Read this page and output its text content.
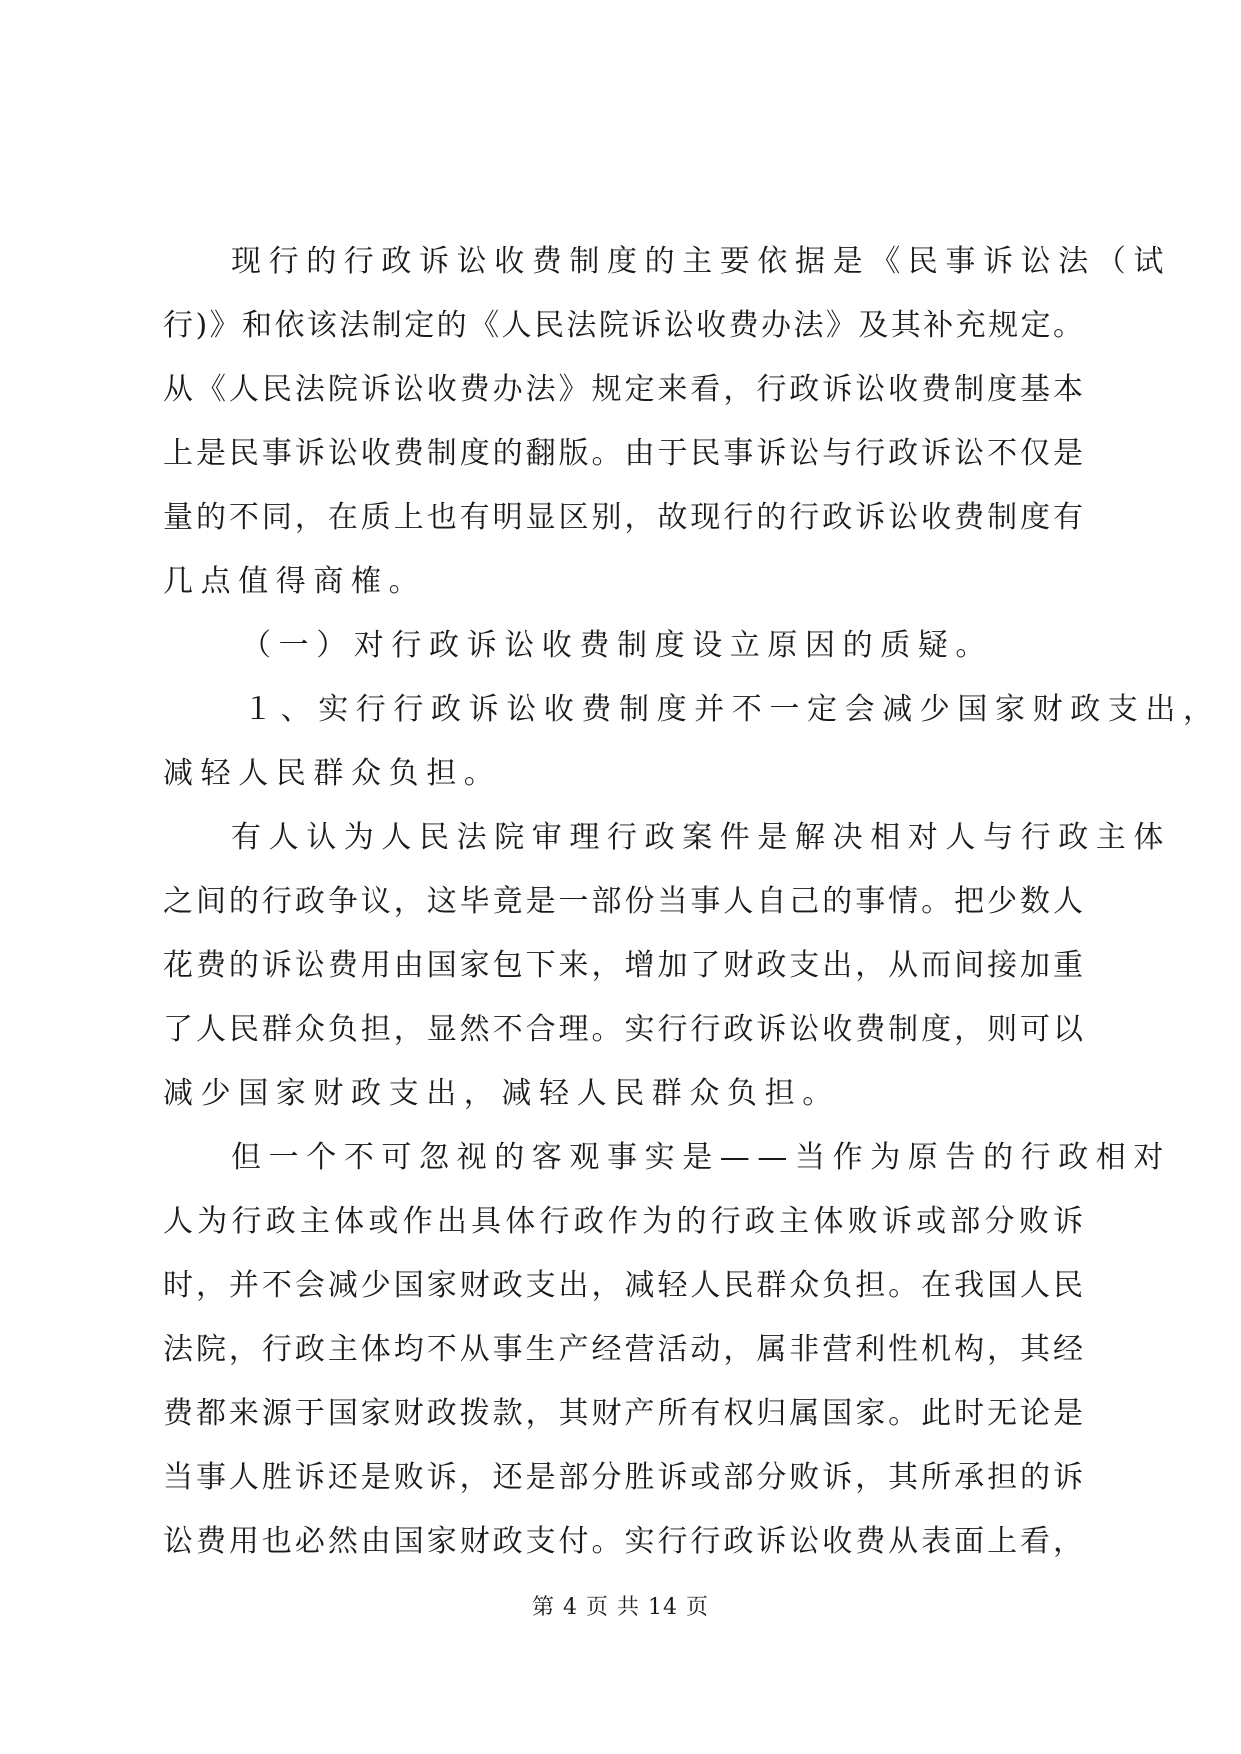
现行的行政诉讼收费制度的主要依据是《民事诉讼法（试
行)》和依该法制定的《人民法院诉讼收费办法》及其补充规定。
从《人民法院诉讼收费办法》规定来看，行政诉讼收费制度基本
上是民事诉讼收费制度的翻版。由于民事诉讼与行政诉讼不仅是
量的不同，在质上也有明显区别，故现行的行政诉讼收费制度有
几点值得商榷。
（一）对行政诉讼收费制度设立原因的质疑。
１、实行行政诉讼收费制度并不一定会减少国家财政支出，
减轻人民群众负担。
有人认为人民法院审理行政案件是解决相对人与行政主体
之间的行政争议，这毕竟是一部份当事人自己的事情。把少数人
花费的诉讼费用由国家包下来，增加了财政支出，从而间接加重
了人民群众负担，显然不合理。实行行政诉讼收费制度，则可以
减少国家财政支出，减轻人民群众负担。
但一个不可忽视的客观事实是——当作为原告的行政相对
人为行政主体或作出具体行政作为的行政主体败诉或部分败诉
时，并不会减少国家财政支出，减轻人民群众负担。在我国人民
法院，行政主体均不从事生产经营活动，属非营利性机构，其经
费都来源于国家财政拨款，其财产所有权归属国家。此时无论是
当事人胜诉还是败诉，还是部分胜诉或部分败诉，其所承担的诉
讼费用也必然由国家财政支付。实行行政诉讼收费从表面上看，
第 4 页 共 14 页
